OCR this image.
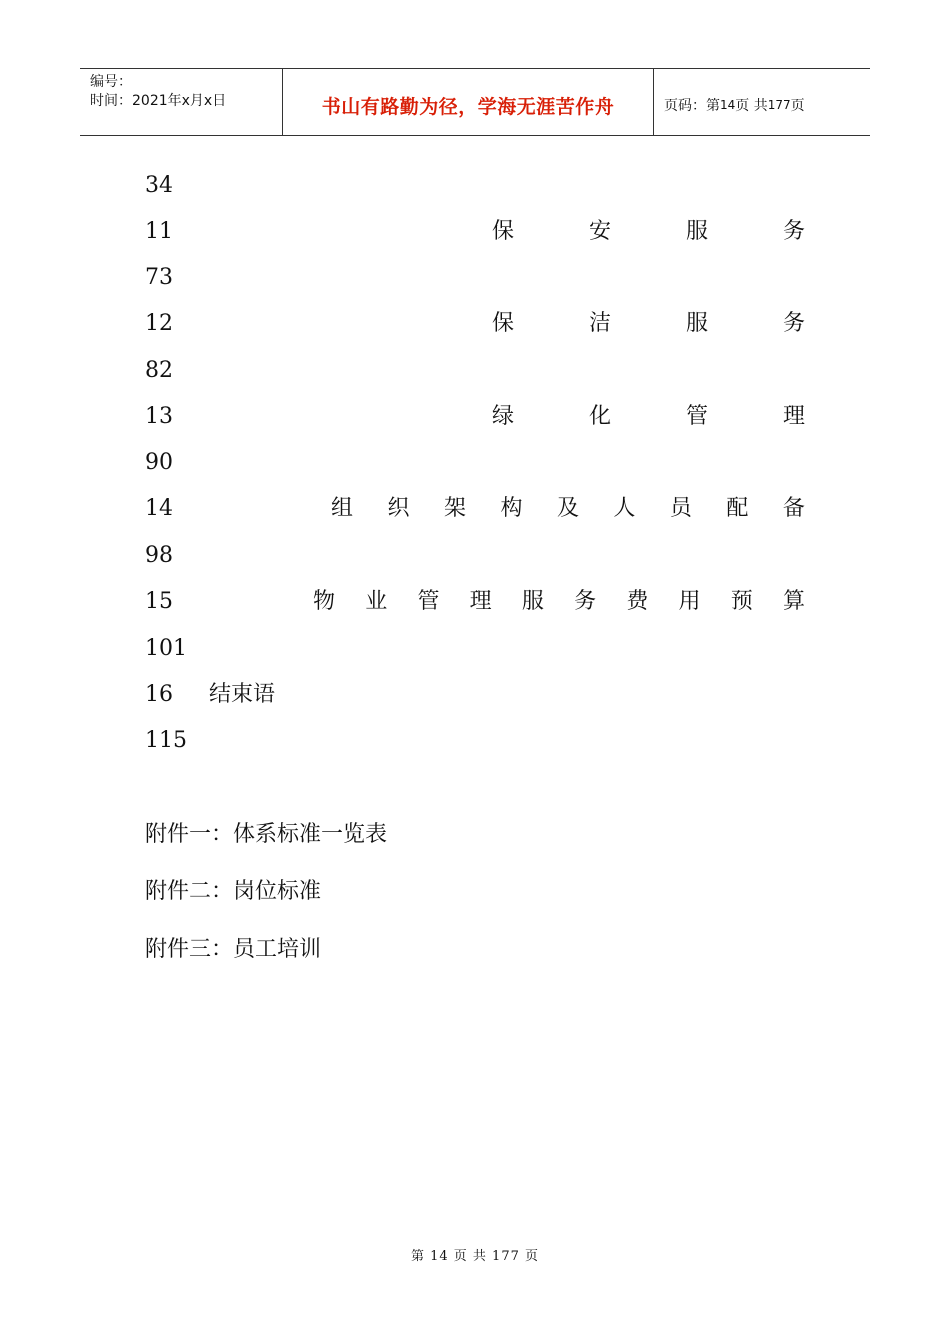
编号：
时间：2021年x月x日	书山有路勤为径，学海无涯苦作舟	页码：第 14 页 共 177 页
34
11	保	安	服	务
73
12	保	洁	服	务
82
13	绿	化	管	理
90
14	组 织 架 构 及 人 员 配 备
98
15	物 业 管 理 服 务 费 用 预 算
101
16 结束语
115
附件一：体系标准一览表
附件二：岗位标准
附件三：员工培训
第 14 页 共 177 页
